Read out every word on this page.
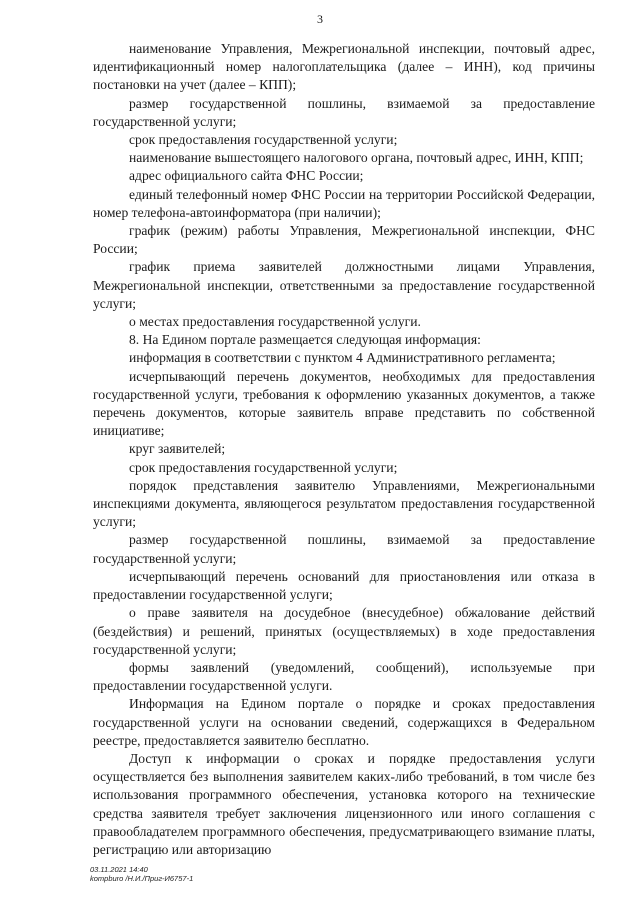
3

наименование Управления, Межрегиональной инспекции, почтовый адрес, идентификационный номер налогоплательщика (далее – ИНН), код причины постановки на учет (далее – КПП);

размер государственной пошлины, взимаемой за предоставление государственной услуги;

срок предоставления государственной услуги;

наименование вышестоящего налогового органа, почтовый адрес, ИНН, КПП;

адрес официального сайта ФНС России;

единый телефонный номер ФНС России на территории Российской Федерации, номер телефона-автоинформатора (при наличии);

график (режим) работы Управления, Межрегиональной инспекции, ФНС России;

график приема заявителей должностными лицами Управления, Межрегиональной инспекции, ответственными за предоставление государственной услуги;

о местах предоставления государственной услуги.

8. На Едином портале размещается следующая информация:

информация в соответствии с пунктом 4 Административного регламента;

исчерпывающий перечень документов, необходимых для предоставления государственной услуги, требования к оформлению указанных документов, а также перечень документов, которые заявитель вправе представить по собственной инициативе;

круг заявителей;

срок предоставления государственной услуги;

порядок представления заявителю Управлениями, Межрегиональными инспекциями документа, являющегося результатом предоставления государственной услуги;

размер государственной пошлины, взимаемой за предоставление государственной услуги;

исчерпывающий перечень оснований для приостановления или отказа в предоставлении государственной услуги;

о праве заявителя на досудебное (внесудебное) обжалование действий (бездействия) и решений, принятых (осуществляемых) в ходе предоставления государственной услуги;

формы заявлений (уведомлений, сообщений), используемые при предоставлении государственной услуги.

Информация на Едином портале о порядке и сроках предоставления государственной услуги на основании сведений, содержащихся в Федеральном реестре, предоставляется заявителю бесплатно.

Доступ к информации о сроках и порядке предоставления услуги осуществляется без выполнения заявителем каких-либо требований, в том числе без использования программного обеспечения, установка которого на технические средства заявителя требует заключения лицензионного или иного соглашения с правообладателем программного обеспечения, предусматривающего взимание платы, регистрацию или авторизацию

03.11.2021 14:40
kompburo /Н.И./Приг-И6757-1
